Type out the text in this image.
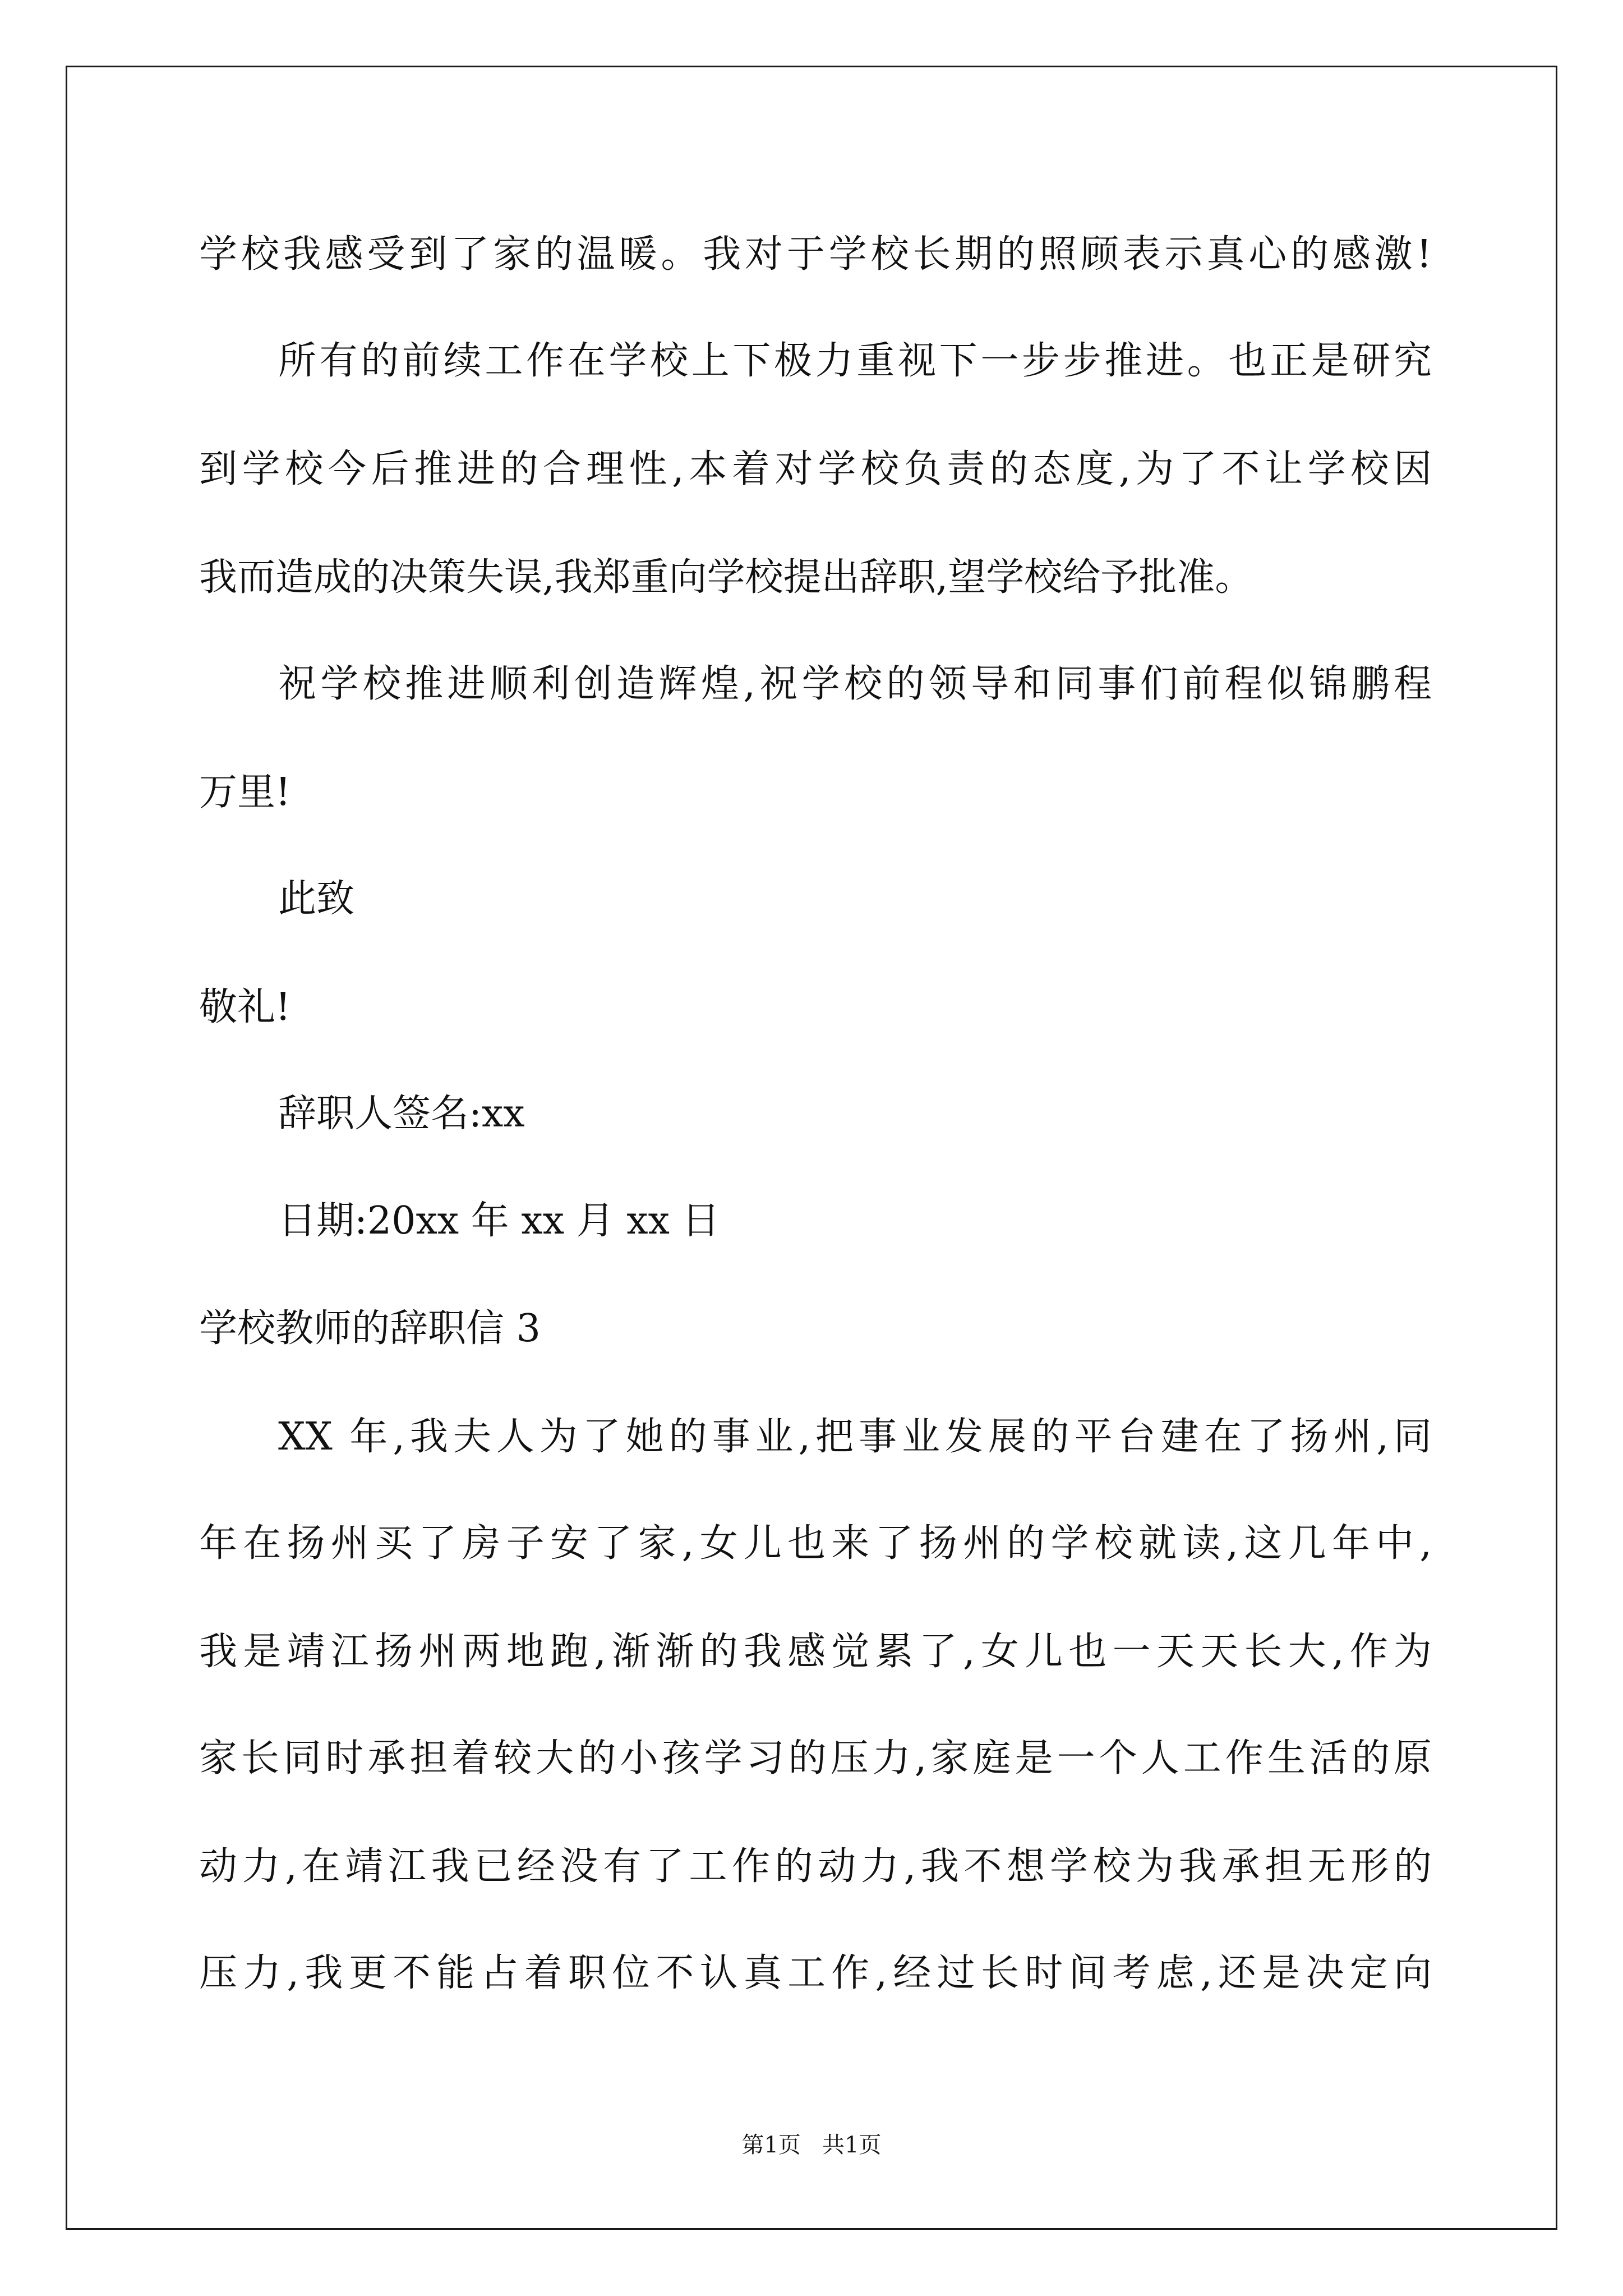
学校我感受到了家的温暖。我对于学校长期的照顾表示真心的感激!
所有的前续工作在学校上下极力重视下一步步推进。也正是研究
到学校今后推进的合理性,本着对学校负责的态度,为了不让学校因
我而造成的决策失误,我郑重向学校提出辞职,望学校给予批准。
祝学校推进顺利创造辉煌,祝学校的领导和同事们前程似锦鹏程
万里!
此致
敬礼!
辞职人签名:xx
日期:20xx 年 xx 月 xx 日
学校教师的辞职信 3
XX 年,我夫人为了她的事业,把事业发展的平台建在了扬州,同
年在扬州买了房子安了家,女儿也来了扬州的学校就读,这几年中,
我是靖江扬州两地跑,渐渐的我感觉累了,女儿也一天天长大,作为
家长同时承担着较大的小孩学习的压力,家庭是一个人工作生活的原
动力,在靖江我已经没有了工作的动力,我不想学校为我承担无形的
压力,我更不能占着职位不认真工作,经过长时间考虑,还是决定向
第1页   共1页
